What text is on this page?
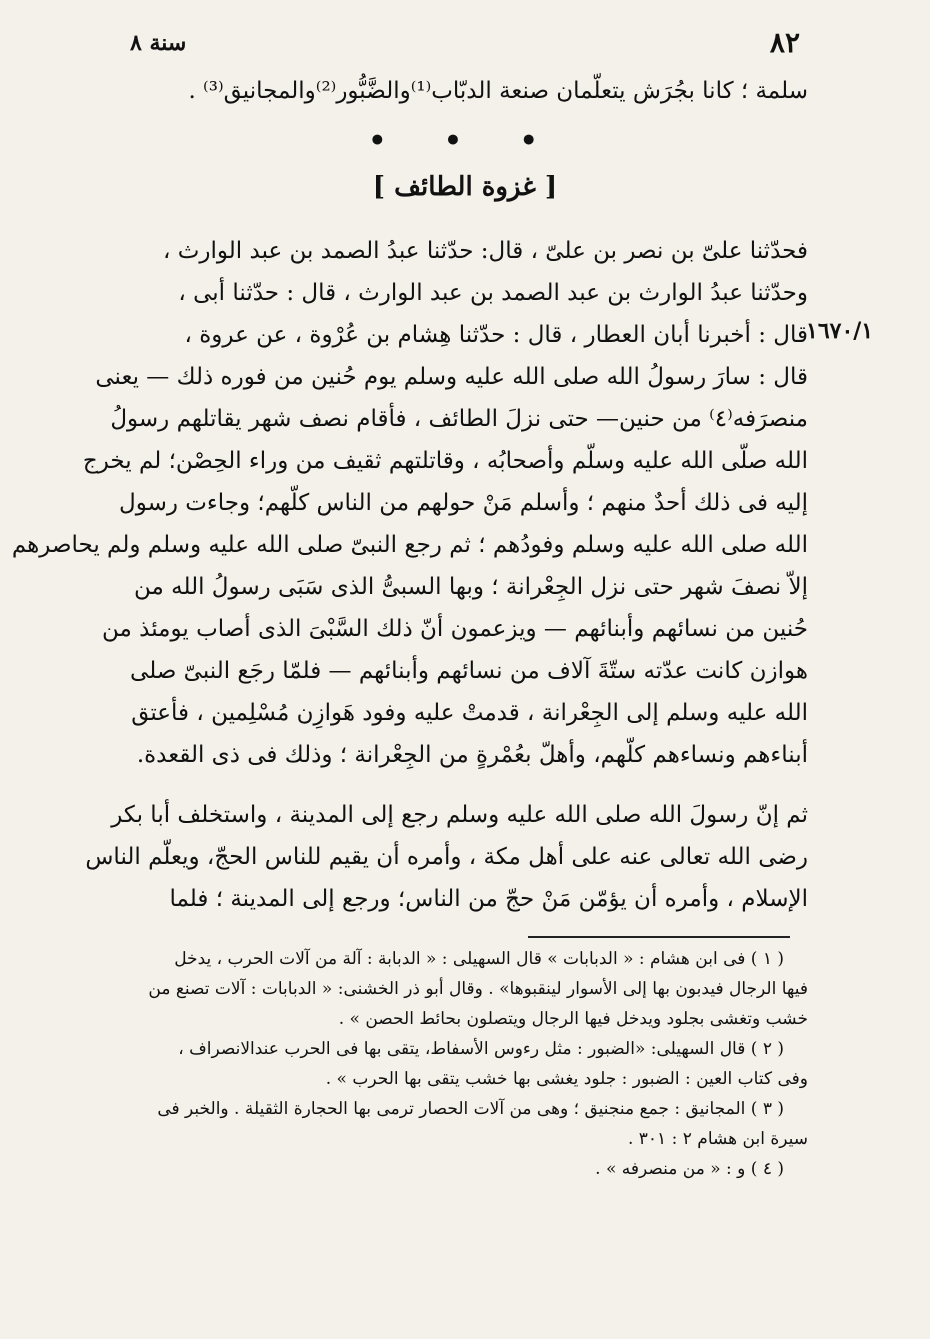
٨٢
سنة ٨
سلمة ؛ كانا بجُرَش يتعلّمان صنعة الدبّاب⁽¹⁾والضَّبُّور⁽²⁾والمجانيق⁽³⁾ .
• • •
[ غزوة الطائف ]
١٦٧٠/١
فحدّثنا علىّ بن نصر بن علىّ ، قال: حدّثنا عبدُ الصمد بن عبد الوارث ،
وحدّثنا عبدُ الوارث بن عبد الصمد بن عبد الوارث ، قال : حدّثنا أبى ،
قال : أخبرنا أبان العطار ، قال : حدّثنا هِشام بن عُرْوة ، عن عروة ،
قال : سارَ رسولُ الله صلى الله عليه وسلم يوم حُنين من فوره ذلك — يعنى
منصرَفه⁽٤⁾ من حنين— حتى نزلَ الطائف ، فأقام نصف شهر يقاتلهم رسولُ
الله صلّى الله عليه وسلّم وأصحابُه ، وقاتلتهم ثقيف من وراء الحِصْن؛ لم يخرج
إليه فى ذلك أحدٌ منهم ؛ وأسلم مَنْ حولهم من الناس كلّهم؛ وجاءت رسول
الله صلى الله عليه وسلم وفودُهم ؛ ثم رجع النبىّ صلى الله عليه وسلم ولم يحاصرهم
إلاّ نصفَ شهر حتى نزل الجِعْرانة ؛ وبها السبىُّ الذى سَبَى رسولُ الله من
حُنين من نسائهم وأبنائهم — ويزعمون أنّ ذلك السَّبْىَ الذى أصاب يومئذ من
هوازن كانت عدّته ستّةَ آلاف من نسائهم وأبنائهم — فلمّا رجَع النبىّ صلى
الله عليه وسلم إلى الجِعْرانة ، قدمتْ عليه وفود هَوازِن مُسْلِمين ، فأعتق
أبناءهم ونساءهم كلّهم، وأهلّ بعُمْرةٍ من الجِعْرانة ؛ وذلك فى ذى القعدة.
ثم إنّ رسولَ الله صلى الله عليه وسلم رجع إلى المدينة ، واستخلف أبا بكر
رضى الله تعالى عنه على أهل مكة ، وأمره أن يقيم للناس الحجّ، ويعلّم الناس
الإسلام ، وأمره أن يؤمّن مَنْ حجّ من الناس؛ ورجع إلى المدينة ؛ فلما
( ١ ) فى ابن هشام : « الدبابات » قال السهيلى : « الدبابة : آلة من آلات الحرب ، يدخل
فيها الرجال فيدبون بها إلى الأسوار لينقبوها» . وقال أبو ذر الخشنى: « الدبابات : آلات تصنع من
خشب وتغشى بجلود ويدخل فيها الرجال ويتصلون بحائط الحصن » .
( ٢ ) قال السهيلى: «الضبور : مثل رءوس الأسفاط، يتقى بها فى الحرب عندالانصراف ،
وفى كتاب العين : الضبور : جلود يغشى بها خشب يتقى بها الحرب » .
( ٣ ) المجانيق : جمع منجنيق ؛ وهى من آلات الحصار ترمى بها الحجارة الثقيلة . والخبر فى
سيرة ابن هشام ٢ : ٣٠١ .
( ٤ ) و : « من منصرفه » .
